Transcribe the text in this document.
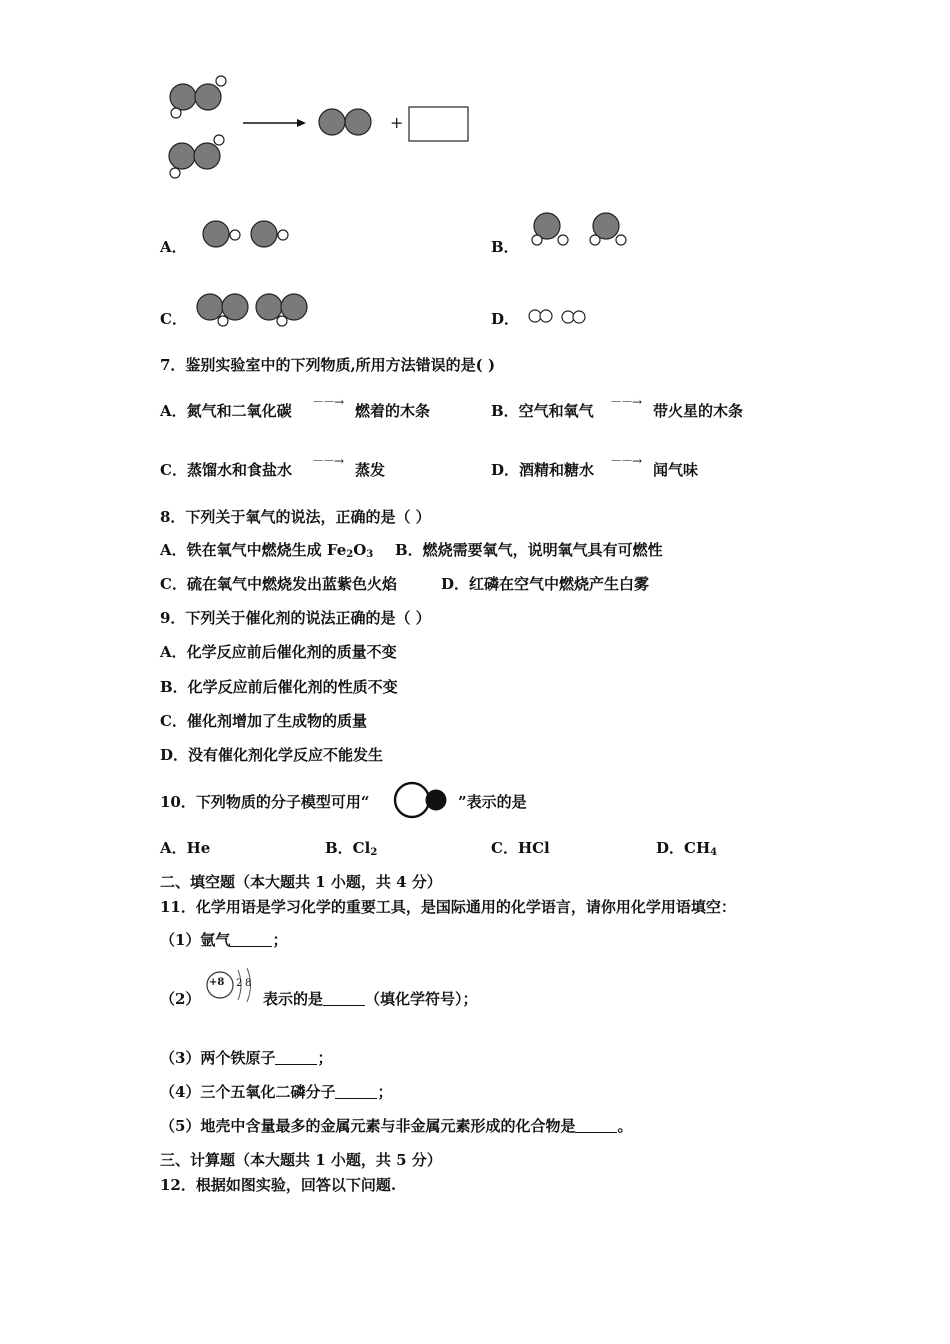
+
A．	B．
C．	D．
7．鉴别实验室中的下列物质,所用方法错误的是( )
A．氮气和二氧化碳 －－→ 燃着的木条	B．空气和氧气 －－→ 带火星的木条
C．蒸馏水和食盐水 －－→ 蒸发	D．酒精和糖水 －－→ 闻气味
8．下列关于氧气的说法，正确的是（ ）
A．铁在氧气中燃烧生成 $Fe_2O_3$ B．燃烧需要氧气，说明氧气具有可燃性
C．硫在氧气中燃烧发出蓝紫色火焰	D．红磷在空气中燃烧产生白雾
9．下列关于催化剂的说法正确的是（ ）
A．化学反应前后催化剂的质量不变
B．化学反应前后催化剂的性质不变
C．催化剂增加了生成物的质量
D．没有催化剂化学反应不能发生
10．下列物质的分子模型可用“	”表示的是
A．He	B．$Cl_2$	C．HCl	D．$CH_4$
二、填空题（本大题共 1 小题，共 4 分）
11．化学用语是学习化学的重要工具，是国际通用的化学语言，请你用化学用语填空：
（1）氩气	；
（2）
+8 2 8
表示的是	（填化学符号）；
（3）两个铁原子	；
（4）三个五氧化二磷分子	；
（5）地壳中含量最多的金属元素与非金属元素形成的化合物是	。
三、计算题（本大题共 1 小题，共 5 分）
12．根据如图实验，回答以下问题.
